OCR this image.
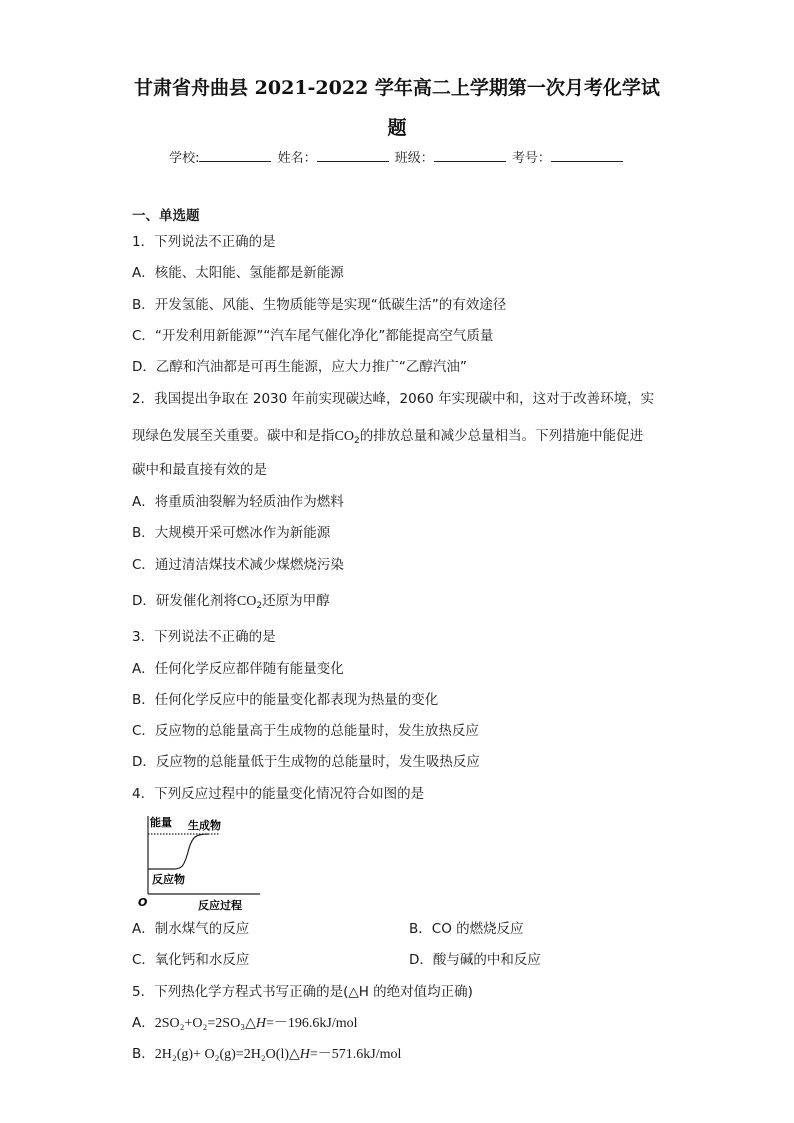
甘肃省舟曲县 2021-2022 学年高二上学期第一次月考化学试
题
学校:	姓名：	班级：	考号：
一、单选题
1．下列说法不正确的是
A．核能、太阳能、氢能都是新能源
B．开发氢能、风能、生物质能等是实现“低碳生活”的有效途径
C．“开发利用新能源”“汽车尾气催化净化”都能提高空气质量
D．乙醇和汽油都是可再生能源，应大力推广“乙醇汽油”
2．我国提出争取在 2030 年前实现碳达峰，2060 年实现碳中和，这对于改善环境，实
现绿色发展至关重要。碳中和是指$CO_2$的排放总量和减少总量相当。下列措施中能促进
碳中和最直接有效的是
A．将重质油裂解为轻质油作为燃料
B．大规模开采可燃冰作为新能源
C．通过清洁煤技术减少煤燃烧污染
D．研发催化剂将$CO_2$还原为甲醇
3．下列说法不正确的是
A．任何化学反应都伴随有能量变化
B．任何化学反应中的能量变化都表现为热量的变化
C．反应物的总能量高于生成物的总能量时，发生放热反应
D．反应物的总能量低于生成物的总能量时，发生吸热反应
4．下列反应过程中的能量变化情况符合如图的是
能量 生成物
反应物
O	反应过程
A．制水煤气的反应	B．CO 的燃烧反应
C．氧化钙和水反应	D．酸与碱的中和反应
5．下列热化学方程式书写正确的是(△H 的绝对值均正确)
A．2SO₂+O₂=2SO₃△H=－196.6kJ/mol
B．2H₂(g)+ O₂(g)=2H₂O(l)△H=－571.6kJ/mol
